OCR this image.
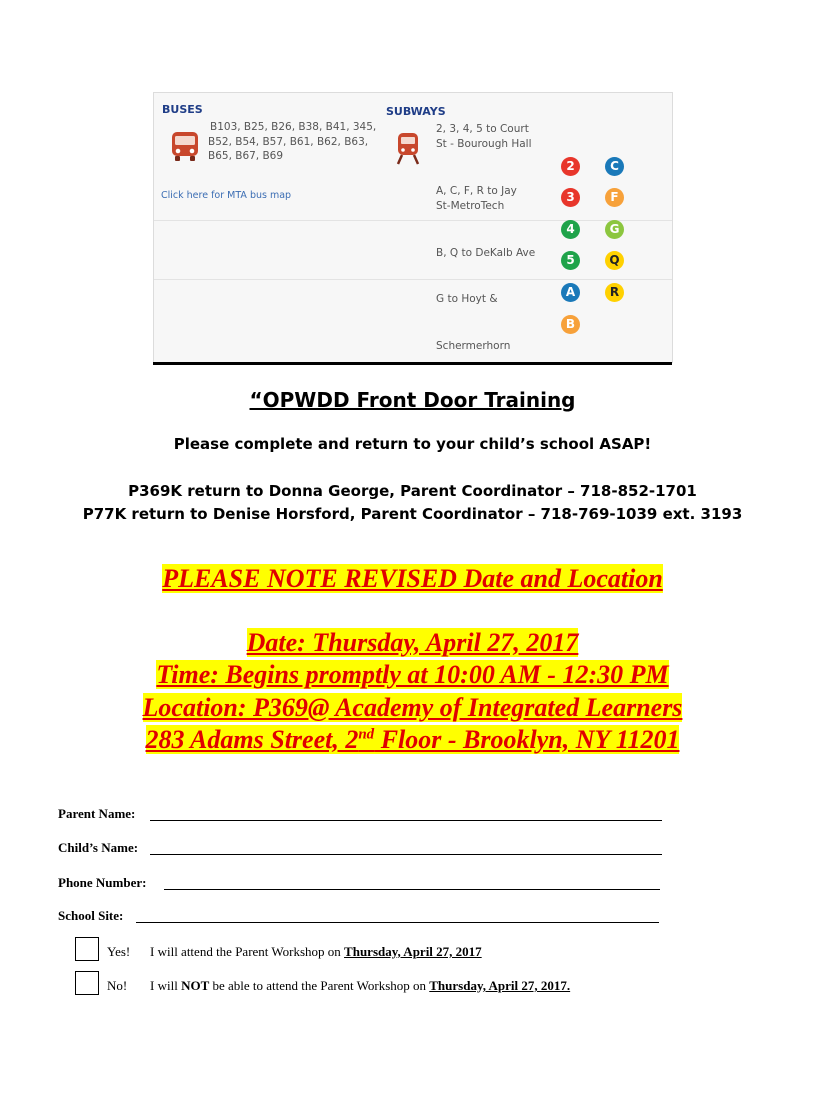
BUSES
B103, B25, B26, B38, B41, 345,
B52, B54, B57, B61, B62, B63,
B65, B67, B69
Click here for MTA bus map
SUBWAYS
2, 3, 4, 5 to Court
St - Bourough Hall
A, C, F, R to Jay
St-MetroTech
B, Q to DeKalb Ave
G to Hoyt &
Schermerhorn
2	C
3	F
4	G
5	Q
A	R
B
“OPWDD Front Door Training
Please complete and return to your child’s school ASAP!
P369K return to Donna George, Parent Coordinator – 718-852-1701
P77K return to Denise Horsford, Parent Coordinator – 718-769-1039 ext. 3193
PLEASE NOTE REVISED Date and Location
Date: Thursday, April 27, 2017
Time: Begins promptly at 10:00 AM - 12:30 PM
Location: P369@ Academy of Integrated Learners
283 Adams Street, 2nd Floor - Brooklyn, NY 11201
Parent Name:
Child’s Name:
Phone Number:
School Site:
Yes! I will attend the Parent Workshop on Thursday, April 27, 2017
No! I will NOT be able to attend the Parent Workshop on Thursday, April 27, 2017.
